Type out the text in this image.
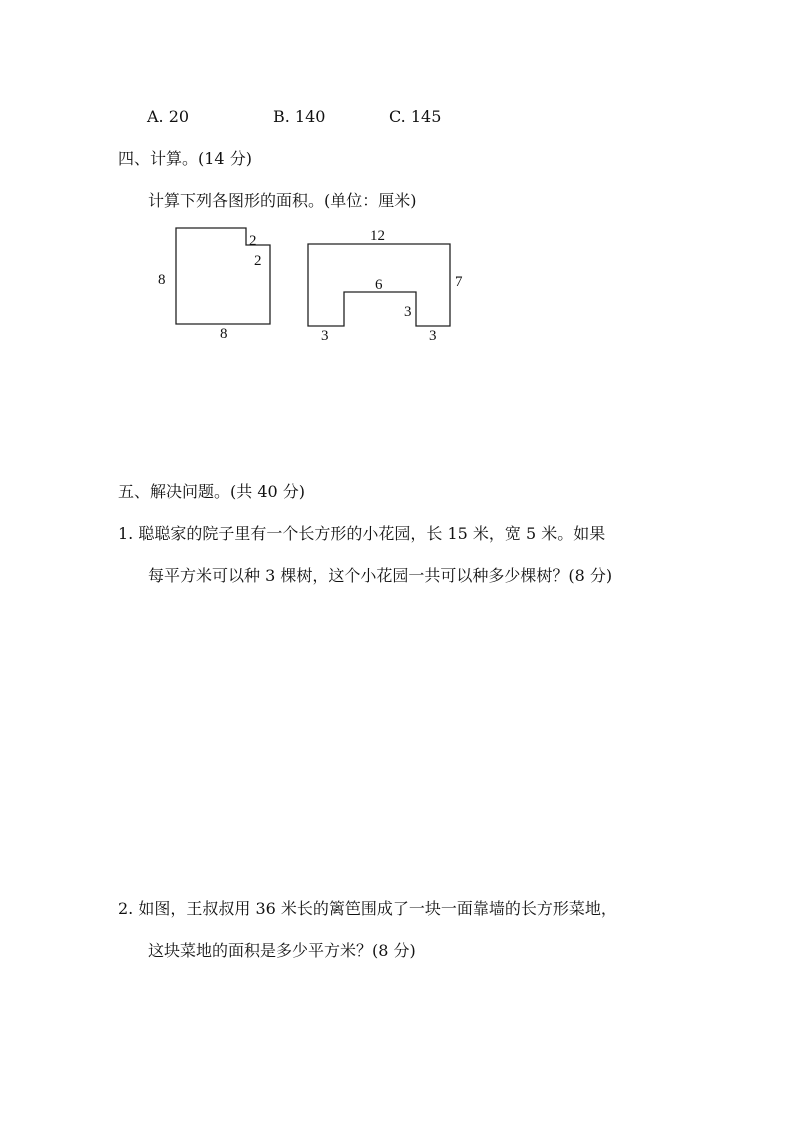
A. 20	B. 140	C. 145
四、计算。(14 分)
计算下列各图形的面积。(单位：厘米)
8
8
2
2
12
7
6
3
3	3
五、解决问题。(共 40 分)
1. 聪聪家的院子里有一个长方形的小花园，长 15 米，宽 5 米。如果
每平方米可以种 3 棵树，这个小花园一共可以种多少棵树？(8 分)
2. 如图，王叔叔用 36 米长的篱笆围成了一块一面靠墙的长方形菜地，
这块菜地的面积是多少平方米？(8 分)
